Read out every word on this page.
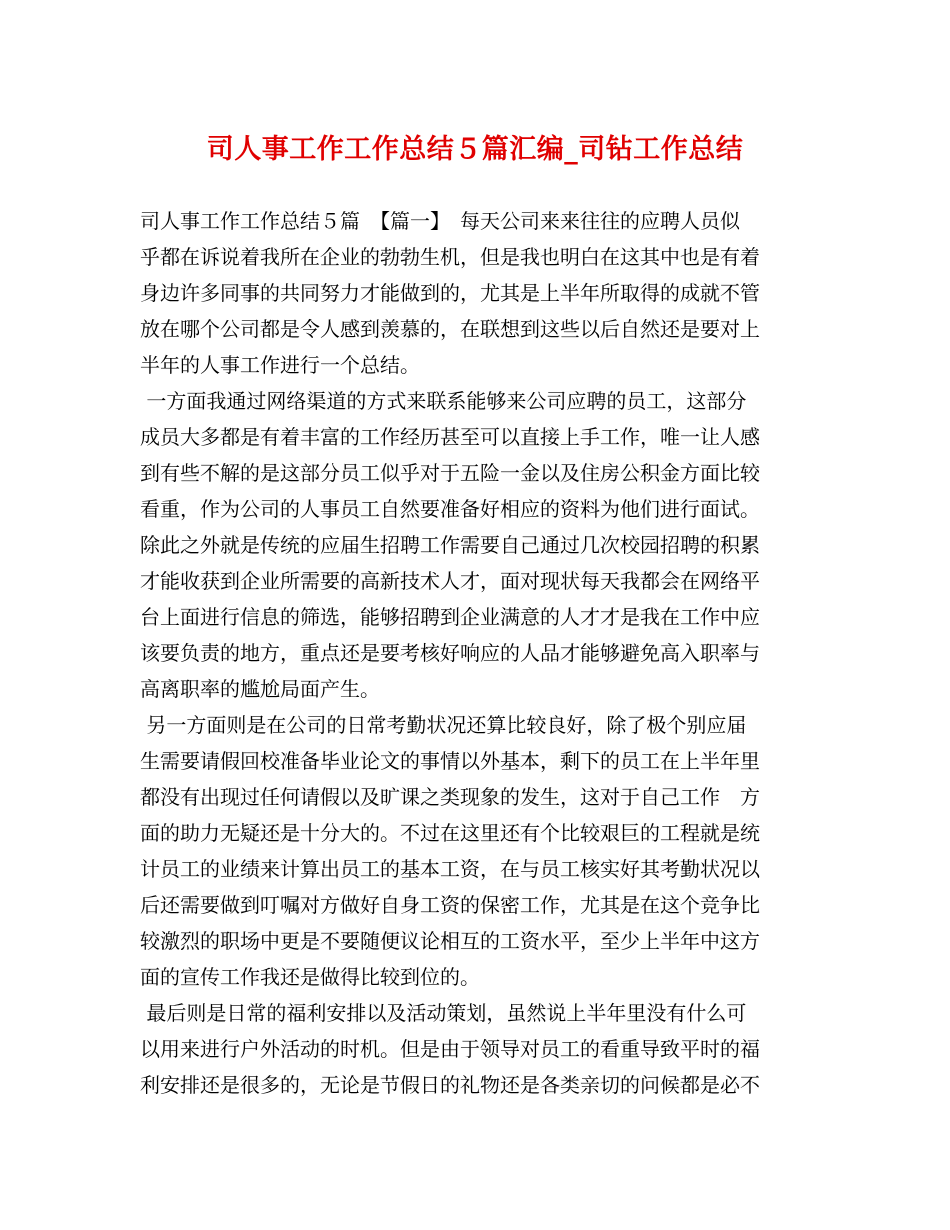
司人事工作工作总结５篇汇编_司钻工作总结
司人事工作工作总结５篇　【篇一】　每天公司来来往往的应聘人员似
乎都在诉说着我所在企业的勃勃生机，但是我也明白在这其中也是有着
身边许多同事的共同努力才能做到的，尤其是上半年所取得的成就不管
放在哪个公司都是令人感到羡慕的，在联想到这些以后自然还是要对上
半年的人事工作进行一个总结。
一方面我通过网络渠道的方式来联系能够来公司应聘的员工，这部分
成员大多都是有着丰富的工作经历甚至可以直接上手工作，唯一让人感
到有些不解的是这部分员工似乎对于五险一金以及住房公积金方面比较
看重，作为公司的人事员工自然要准备好相应的资料为他们进行面试。
除此之外就是传统的应届生招聘工作需要自己通过几次校园招聘的积累
才能收获到企业所需要的高新技术人才，面对现状每天我都会在网络平
台上面进行信息的筛选，能够招聘到企业满意的人才才是我在工作中应
该要负责的地方，重点还是要考核好响应的人品才能够避免高入职率与
高离职率的尴尬局面产生。
另一方面则是在公司的日常考勤状况还算比较良好，除了极个别应届
生需要请假回校准备毕业论文的事情以外基本，剩下的员工在上半年里
都没有出现过任何请假以及旷课之类现象的发生，这对于自己工作　方
面的助力无疑还是十分大的。不过在这里还有个比较艰巨的工程就是统
计员工的业绩来计算出员工的基本工资，在与员工核实好其考勤状况以
后还需要做到叮嘱对方做好自身工资的保密工作，尤其是在这个竞争比
较激烈的职场中更是不要随便议论相互的工资水平，至少上半年中这方
面的宣传工作我还是做得比较到位的。
最后则是日常的福利安排以及活动策划，虽然说上半年里没有什么可
以用来进行户外活动的时机。但是由于领导对员工的看重导致平时的福
利安排还是很多的，无论是节假日的礼物还是各类亲切的问候都是必不
